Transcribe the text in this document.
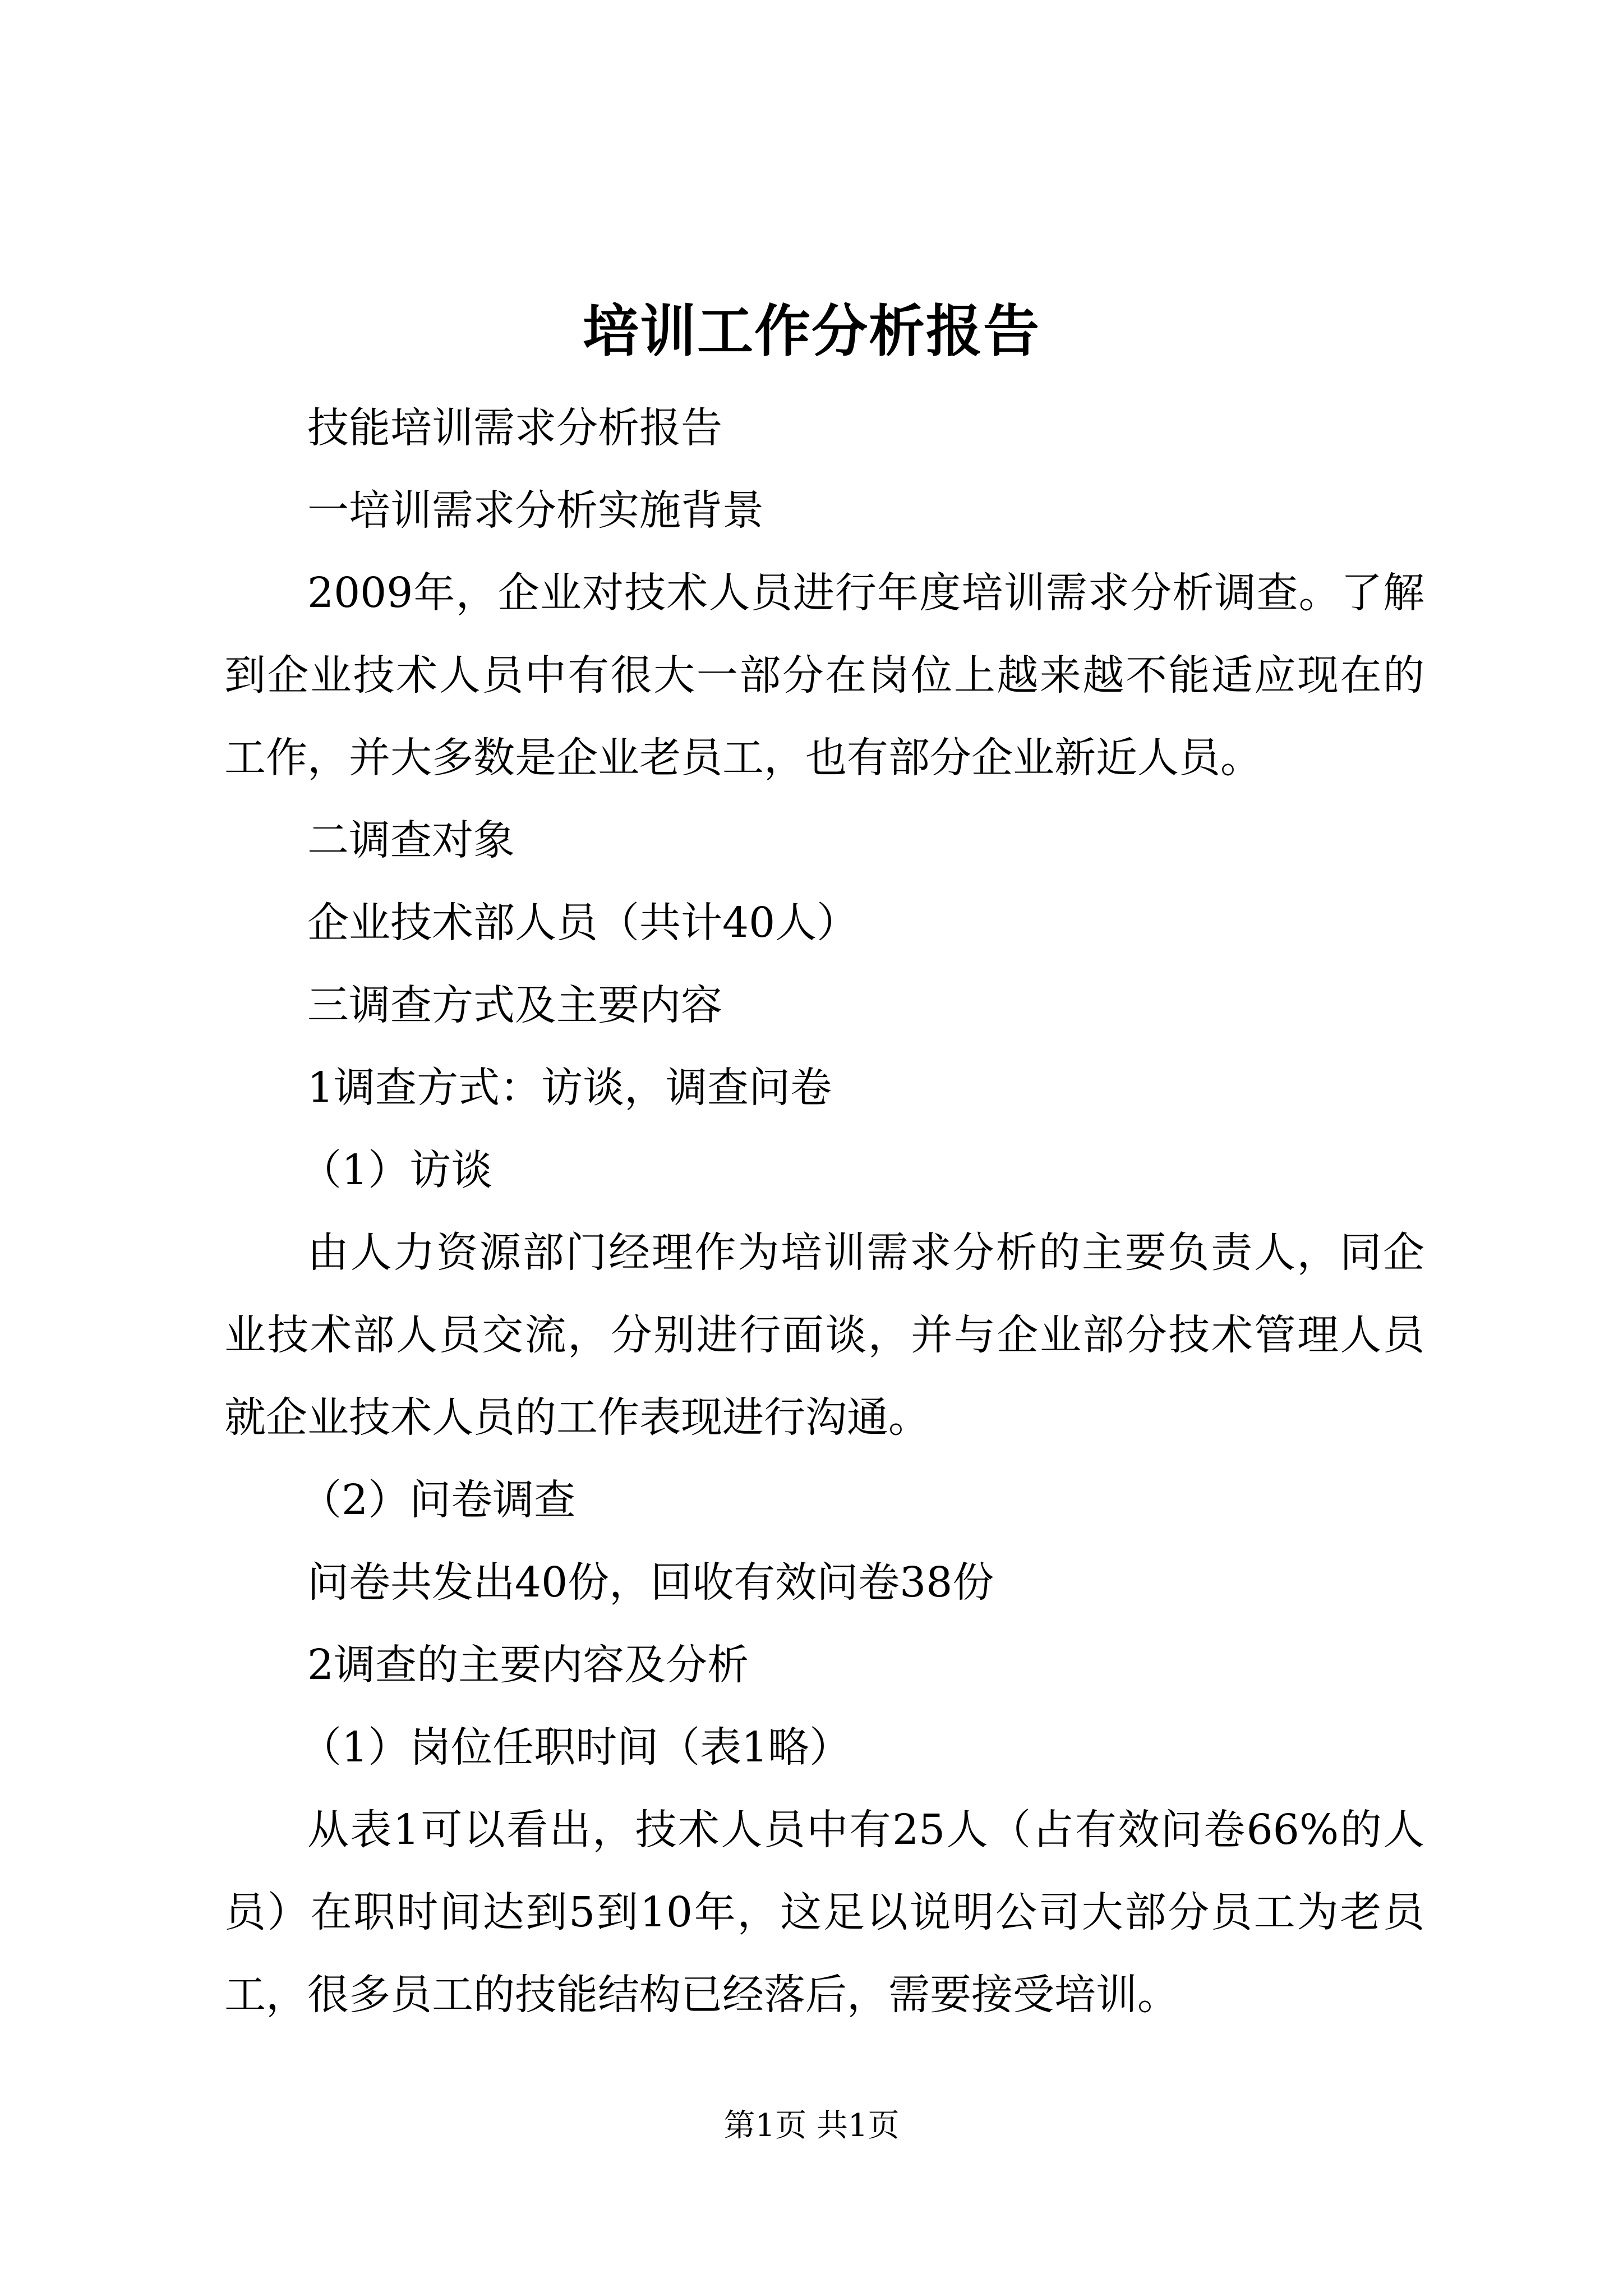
培训工作分析报告

技能培训需求分析报告

一培训需求分析实施背景

2009年，企业对技术人员进行年度培训需求分析调查。了解到企业技术人员中有很大一部分在岗位上越来越不能适应现在的工作，并大多数是企业老员工，也有部分企业新近人员。

二调查对象

企业技术部人员（共计40人）

三调查方式及主要内容

1调查方式：访谈，调查问卷

（1）访谈

由人力资源部门经理作为培训需求分析的主要负责人，同企业技术部人员交流，分别进行面谈，并与企业部分技术管理人员就企业技术人员的工作表现进行沟通。

（2）问卷调查

问卷共发出40份，回收有效问卷38份

2调查的主要内容及分析

（1）岗位任职时间（表1略）

从表1可以看出，技术人员中有25人（占有效问卷66%的人员）在职时间达到5到10年，这足以说明公司大部分员工为老员工，很多员工的技能结构已经落后，需要接受培训。

第1页 共1页
